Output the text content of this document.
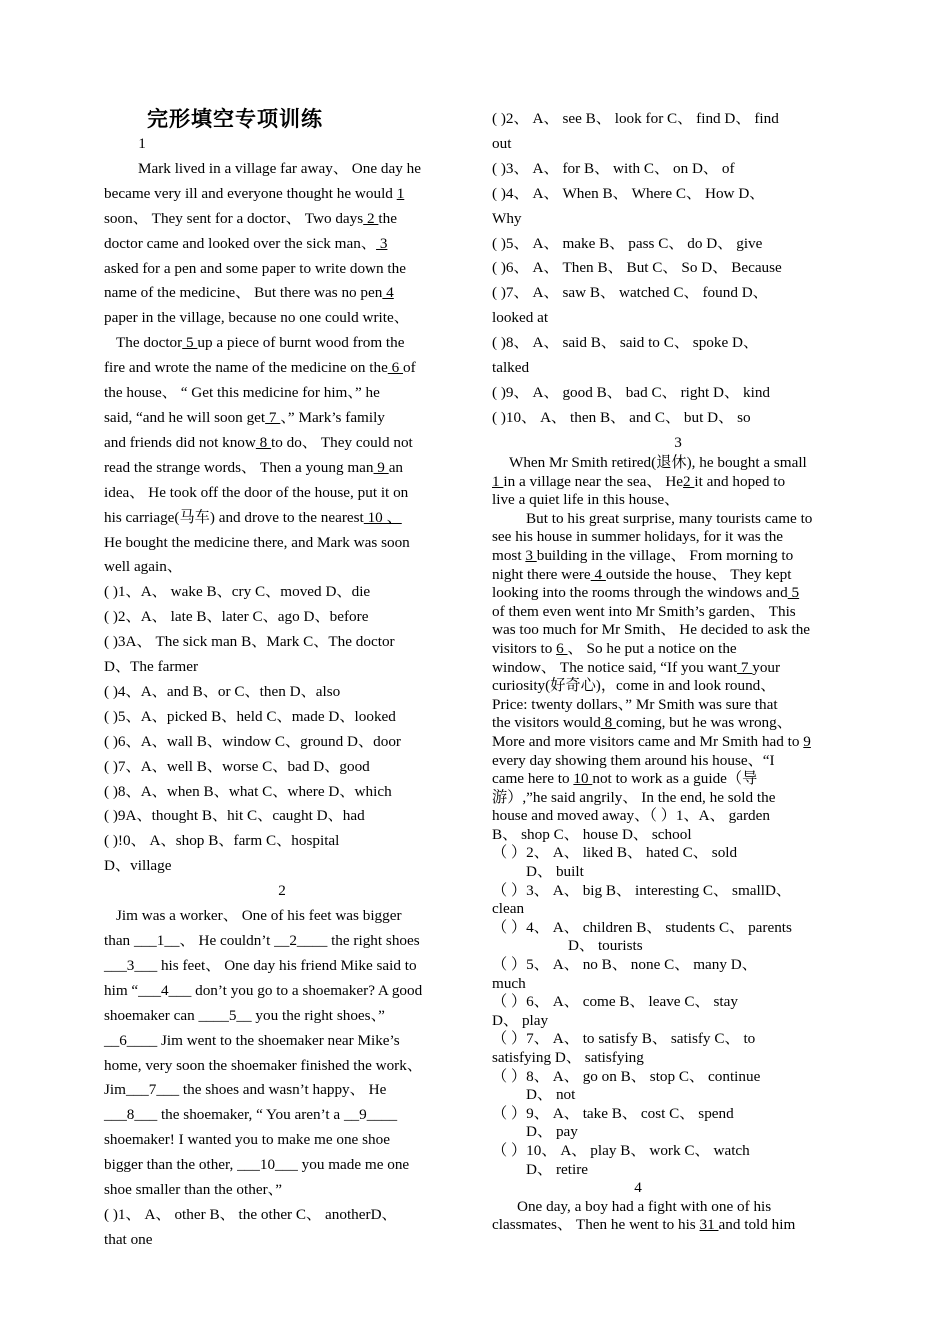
完形填空专项训练
1
Mark lived in a village far away、 One day he
became very ill and everyone thought he would 1
soon、 They sent for a doctor、 Two days 2 the
doctor came and looked over the sick man、 3
asked for a pen and some paper to write down the
name of the medicine、 But there was no pen 4
paper in the village, because no one could write、
The doctor 5 up a piece of burnt wood from the
fire and wrote the name of the medicine on the 6 of
the house、 “ Get this medicine for him、” he
said, “and he will soon get 7 、” Mark’s family
and friends did not know 8 to do、 They could not
read the strange words、 Then a young man 9 an
idea、 He took off the door of the house, put it on
his carriage(马车) and drove to the nearest 10 、
He bought the medicine there, and Mark was soon
well again、
( )1、A、 wake B、cry C、moved D、die
( )2、A、 late B、later C、ago D、before
( )3A、 The sick man B、Mark C、The doctor
D、The farmer
( )4、A、and B、or C、then D、also
( )5、A、picked B、held C、made D、looked
( )6、A、wall B、window C、ground D、door
( )7、A、well B、worse C、bad D、good
( )8、A、when B、what C、where D、which
( )9A、thought B、hit C、caught D、had
( )!0、 A、shop B、farm C、hospital
D、village
2
Jim was a worker、 One of his feet was bigger
than ___1__、 He couldn’t __2____ the right shoes
___3___ his feet、 One day his friend Mike said to
him “___4___ don’t you go to a shoemaker? A good
shoemaker can ____5__ you the right shoes、”
__6____ Jim went to the shoemaker near Mike’s
home, very soon the shoemaker finished the work、
Jim___7___ the shoes and wasn’t happy、 He
___8___ the shoemaker, “ You aren’t a __9____
shoemaker! I wanted you to make me one shoe
bigger than the other, ___10___ you made me one
shoe smaller than the other、”
( )1、 A、 other B、 the other C、 anotherD、
that one
( )2、 A、 see B、 look for C、 find D、 find
out
( )3、 A、 for B、 with C、 on D、 of
( )4、 A、 When B、 Where C、 How D、
Why
( )5、 A、 make B、 pass C、 do D、 give
( )6、 A、 Then B、 But C、 So D、 Because
( )7、 A、 saw B、 watched C、 found D、
looked at
( )8、 A、 said B、 said to C、 spoke D、
talked
( )9、 A、 good B、 bad C、 right D、 kind
( )10、 A、 then B、 and C、 but D、 so
3
When Mr Smith retired(退休), he bought a small
1 in a village near the sea、 He2 it and hoped to
live a quiet life in this house、
But to his great surprise, many tourists came to
see his house in summer holidays, for it was the
most 3 building in the village、 From morning to
night there were 4 outside the house、 They kept
looking into the rooms through the windows and 5
of them even went into Mr Smith’s garden、 This
was too much for Mr Smith、 He decided to ask the
visitors to 6 、 So he put a notice on the
window、 The notice said, “If you want 7 your
curiosity(好奇心)，come in and look round、
Price: twenty dollars、” Mr Smith was sure that
the visitors would 8 coming, but he was wrong、
More and more visitors came and Mr Smith had to 9
every day showing them around his house、“I
came here to 10 not to work as a guide（导
游）,”he said angrily、 In the end, he sold the
house and moved away、（ ）1、A、 garden
B、 shop C、 house D、 school
（ ）2、 A、 liked B、 hated C、 sold
D、 built
（ ）3、 A、 big B、 interesting C、 smallD、
clean
（ ）4、 A、 children B、 students C、 parents
D、 tourists
（ ）5、 A、 no B、 none C、 many D、
much
（ ）6、 A、 come B、 leave C、 stay
D、 play
（ ）7、 A、 to satisfy B、 satisfy C、 to
satisfying D、 satisfying
（ ）8、 A、 go on B、 stop C、 continue
D、 not
（ ）9、 A、 take B、 cost C、 spend
D、 pay
（ ）10、 A、 play B、 work C、 watch
D、 retire
4
One day, a boy had a fight with one of his
classmates、 Then he went to his 31 and told him
